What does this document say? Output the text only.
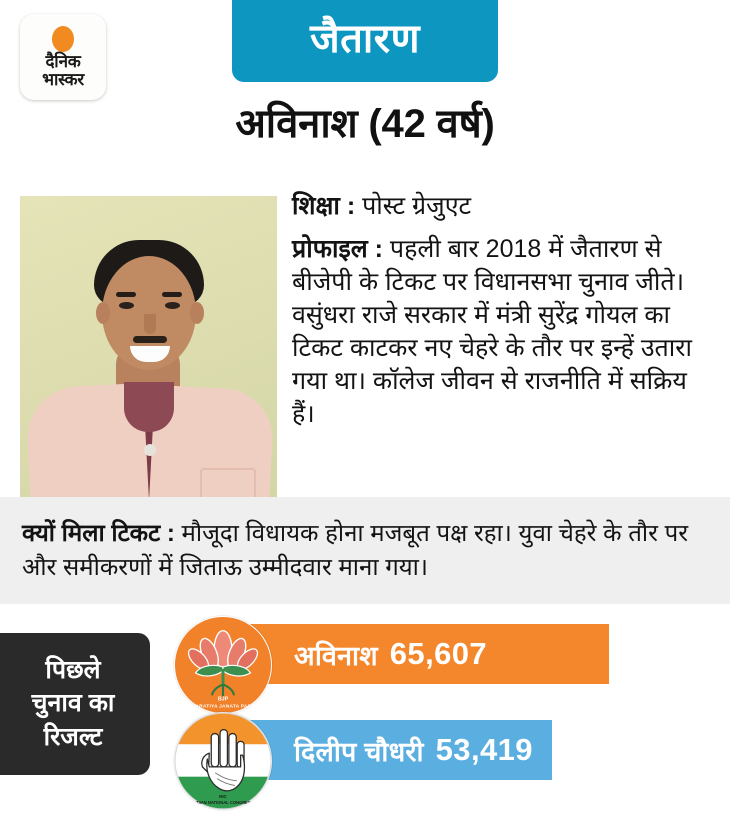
दैनिक
भास्कर
जैतारण
अविनाश (42 वर्ष)

शिक्षा : पोस्ट ग्रेजुएट

प्रोफाइल : पहली बार 2018 में जैतारण से बीजेपी के टिकट पर विधानसभा चुनाव जीते। वसुंधरा राजे सरकार में मंत्री सुरेंद्र गोयल का टिकट काटकर नए चेहरे के तौर पर इन्हें उतारा गया था। कॉलेज जीवन से राजनीति में सक्रिय हैं।

क्यों मिला टिकट : मौजूदा विधायक होना मजबूत पक्ष रहा। युवा चेहरे के तौर पर और समीकरणों में जिताऊ उम्मीदवार माना गया।
पिछले
चुनाव का
रिजल्ट
अविनाश 65,607
BJP
BHARATIYA JANATA PARTY
दिलीप चौधरी 53,419
INC
INDIAN NATIONAL CONGRESS
